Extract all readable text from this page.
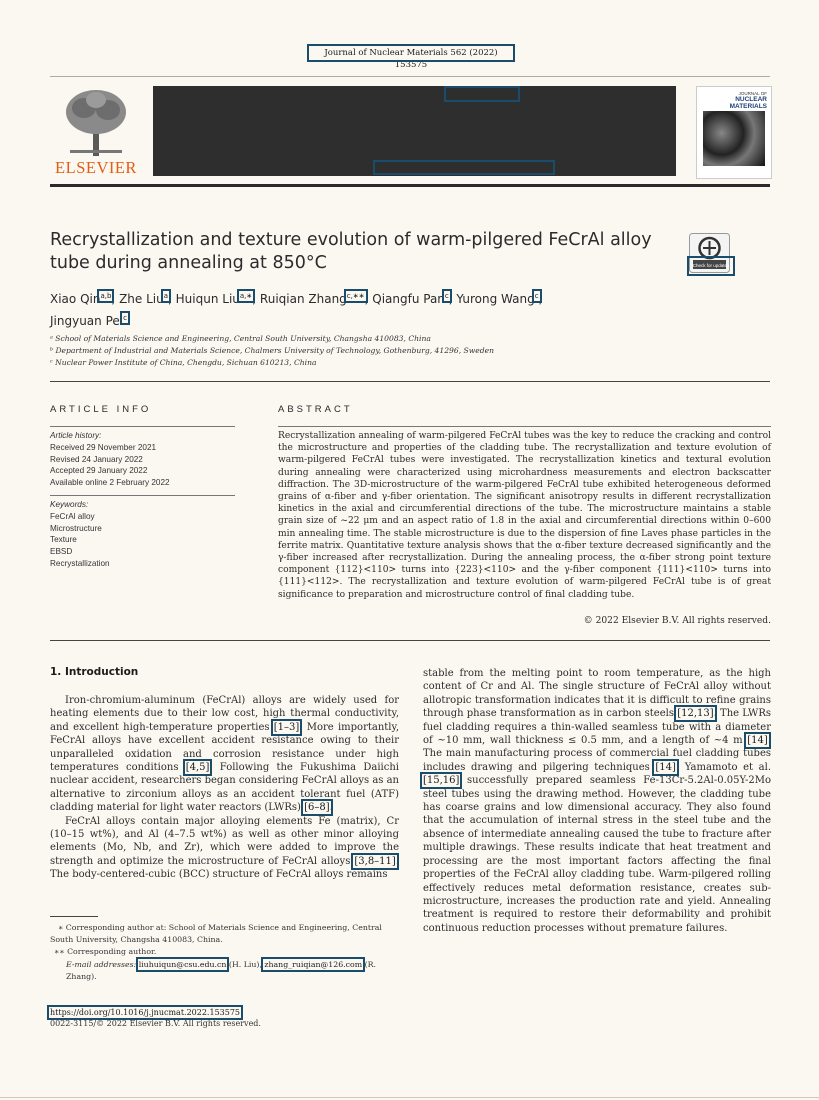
Journal of Nuclear Materials 562 (2022) 153575
ELSEVIER
JOURNAL OF
NUCLEAR MATERIALS
Recrystallization and texture evolution of warm-pilgered FeCrAl alloy tube during annealing at 850°C	Check for updates
Xiao Qin$^{a,b}$, Zhe Liu$^a$, Huiqun Liu$^{a,∗}$, Ruiqian Zhang$^{c,∗∗}$, Qiangfu Pan$^c$, Yurong Wang$^c$,
Jingyuan Pei$^c$
ᵃ School of Materials Science and Engineering, Central South University, Changsha 410083, China
ᵇ Department of Industrial and Materials Science, Chalmers University of Technology, Gothenburg, 41296, Sweden
ᶜ Nuclear Power Institute of China, Chengdu, Sichuan 610213, China
ARTICLE INFO
Article history:
Received 29 November 2021
Revised 24 January 2022
Accepted 29 January 2022
Available online 2 February 2022
Keywords:
FeCrAl alloy
Microstructure
Texture
EBSD
Recrystallization
ABSTRACT
Recrystallization annealing of warm-pilgered FeCrAl tubes was the key to reduce the cracking and control the microstructure and properties of the cladding tube. The recrystallization and texture evolution of warm-pilgered FeCrAl tubes were investigated. The recrystallization kinetics and textural evolution during annealing were characterized using microhardness measurements and electron backscatter diffraction. The 3D-microstructure of the warm-pilgered FeCrAl tube exhibited heterogeneous deformed grains of α-fiber and γ-fiber orientation. The significant anisotropy results in different recrystallization kinetics in the axial and circumferential directions of the tube. The microstructure maintains a stable grain size of ~22 μm and an aspect ratio of 1.8 in the axial and circumferential directions within 0–600 min annealing time. The stable microstructure is due to the dispersion of fine Laves phase particles in the ferrite matrix. Quantitative texture analysis shows that the α-fiber texture decreased significantly and the γ-fiber increased after recrystallization. During the annealing process, the α-fiber strong point texture component {112}<110> turns into {223}<110> and the γ-fiber component {111}<110> turns into {111}<112>. The recrystallization and texture evolution of warm-pilgered FeCrAl tube is of great significance to preparation and microstructure control of final cladding tube.
© 2022 Elsevier B.V. All rights reserved.
1. Introduction

Iron-chromium-aluminum (FeCrAl) alloys are widely used for heating elements due to their low cost, high thermal conductivity, and excellent high-temperature properties [1–3]. More importantly, FeCrAl alloys have excellent accident resistance owing to their unparalleled oxidation and corrosion resistance under high temperatures conditions [4,5]. Following the Fukushima Daiichi nuclear accident, researchers began considering FeCrAl alloys as an alternative to zirconium alloys as an accident tolerant fuel (ATF) cladding material for light water reactors (LWRs) [6–8].

FeCrAl alloys contain major alloying elements Fe (matrix), Cr (10–15 wt%), and Al (4–7.5 wt%) as well as other minor alloying elements (Mo, Nb, and Zr), which were added to improve the strength and optimize the microstructure of FeCrAl alloys [3,8–11]. The body-centered-cubic (BCC) structure of FeCrAl alloys remains

stable from the melting point to room temperature, as the high content of Cr and Al. The single structure of FeCrAl alloy without allotropic transformation indicates that it is difficult to refine grains through phase transformation as in carbon steels [12,13]. The LWRs fuel cladding requires a thin-walled seamless tube with a diameter of ~10 mm, wall thickness ≤ 0.5 mm, and a length of ~4 m [14]. The main manufacturing process of commercial fuel cladding tubes includes drawing and pilgering techniques [14]. Yamamoto et al. [15,16] successfully prepared seamless Fe-13Cr-5.2Al-0.05Y-2Mo steel tubes using the drawing method. However, the cladding tube has coarse grains and low dimensional accuracy. They also found that the accumulation of internal stress in the steel tube and the absence of intermediate annealing caused the tube to fracture after multiple drawings. These results indicate that heat treatment and processing are the most important factors affecting the final properties of the FeCrAl alloy cladding tube. Warm-pilgered rolling effectively reduces metal deformation resistance, creates sub-microstructure, increases the production rate and yield. Annealing treatment is required to restore their deformability and prohibit continuous reduction processes without premature failures.

∗ Corresponding author at: School of Materials Science and Engineering, Central South University, Changsha 410083, China.
∗∗ Corresponding author.
E-mail addresses: liuhuiqun@csu.edu.cn (H. Liu), zhang_ruiqian@126.com (R. Zhang).
https://doi.org/10.1016/j.jnucmat.2022.153575
0022-3115/© 2022 Elsevier B.V. All rights reserved.
